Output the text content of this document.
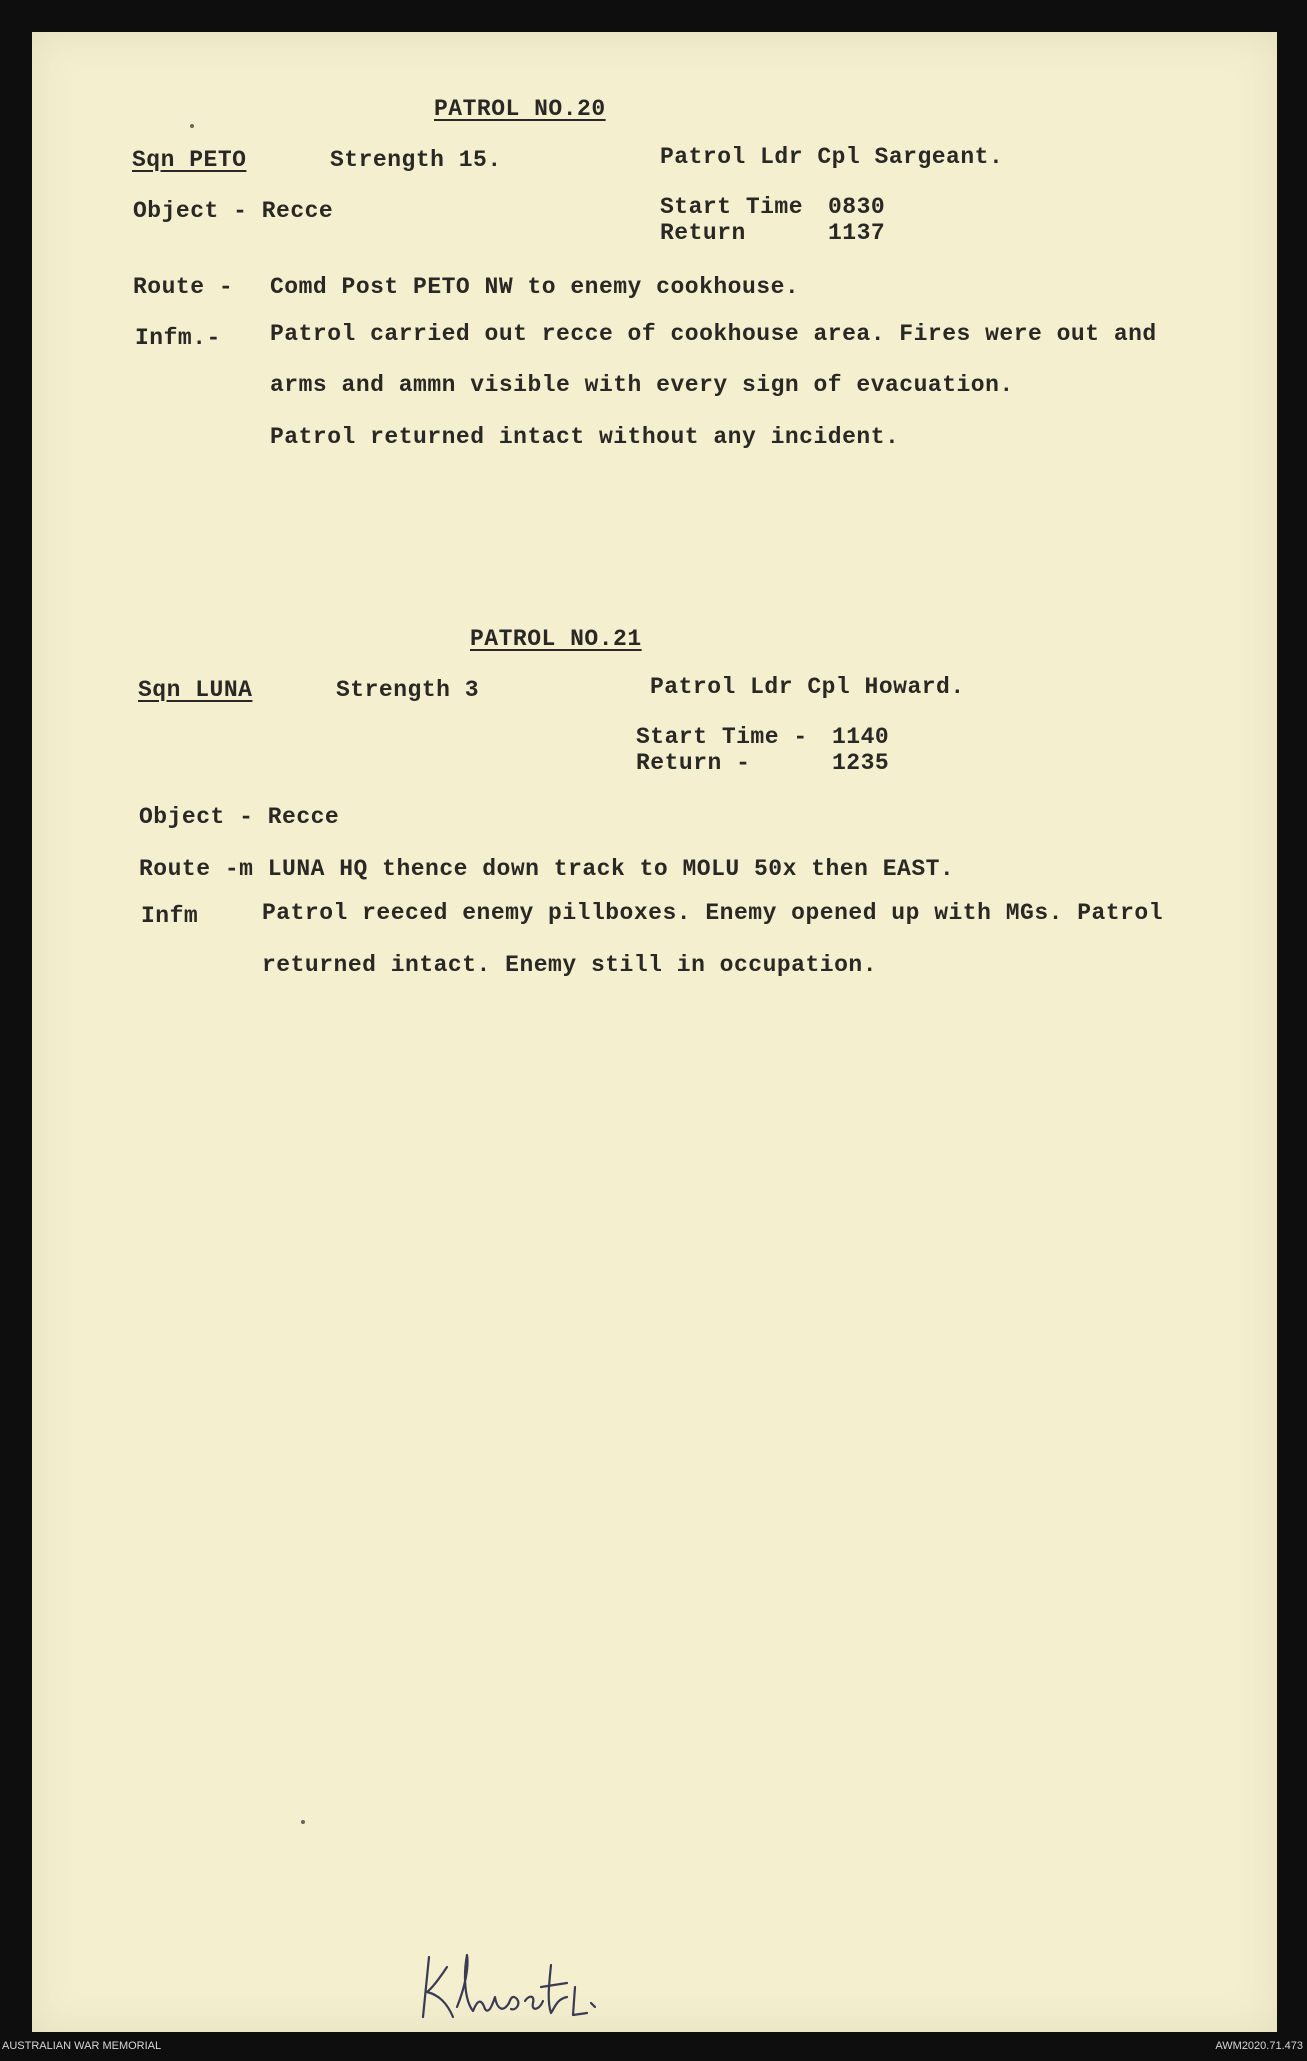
PATROL NO.20
Sqn PETO	Strength 15.	Patrol Ldr Cpl Sargeant.
Object - Recce	Start Time 0830
Return	1137
Route - Comd Post PETO NW to enemy cookhouse.
Infm.- Patrol carried out recce of cookhouse area. Fires were out and
arms and ammn visible with every sign of evacuation.
Patrol returned intact without any incident.
PATROL NO.21
Sqn LUNA	Strength 3	Patrol Ldr Cpl Howard.
Start Time - 1140
Return -	1235
Object - Recce
Route -m LUNA HQ thence down track to MOLU 50x then EAST.
Infm	Patrol reeced enemy pillboxes. Enemy opened up with MGs. Patrol
returned intact. Enemy still in occupation.
AUSTRALIAN WAR MEMORIAL	AWM2020.71.473
